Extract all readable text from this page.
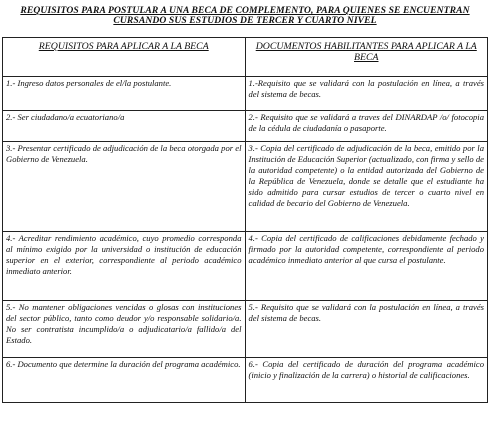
REQUISITOS PARA POSTULAR A UNA BECA DE COMPLEMENTO, PARA QUIENES SE ENCUENTRAN CURSANDO SUS ESTUDIOS DE TERCER Y CUARTO NIVEL
REQUISITOS PARA APLICAR A LA BECA	DOCUMENTOS HABILITANTES PARA APLICAR A LA BECA
1.- Ingreso datos personales de el/la postulante.	1.-Requisito que se validará con la postulación en línea, a través del sistema de becas.
2.- Ser ciudadano/a ecuatoriano/a	2.- Requisito que se validará a traves del DINARDAP /o/ fotocopia de la cédula de ciudadanía o pasaporte.
3.- Presentar certificado de adjudicación de la beca otorgada por el Gobierno de Venezuela.	3.- Copia del certificado de adjudicación de la beca, emitido por la Institución de Educación Superior (actualizado, con firma y sello de la autoridad competente) o la entidad autorizada del Gobierno de la República de Venezuela, donde se detalle que el estudiante ha sido admitido para cursar estudios de tercer o cuarto nivel en calidad de becario del Gobierno de Venezuela.
4.- Acreditar rendimiento académico, cuyo promedio corresponda al mínimo exigido por la universidad o institución de educación superior en el exterior, correspondiente al periodo académico inmediato anterior.	4.- Copia del certificado de calificaciones debidamente fechado y firmado por la autoridad competente, correspondiente al periodo académico inmediato anterior al que cursa el postulante.
5.- No mantener obligaciones vencidas o glosas con instituciones del sector público, tanto como deudor y/o responsable solidario/a. No ser contratista incumplido/a o adjudicatario/a fallido/a del Estado.	5.- Requisito que se validará con la postulación en línea, a través del sistema de becas.
6.- Documento que determine la duración del programa académico.	6.- Copia del certificado de duración del programa académico (inicio y finalización de la carrera) o historial de calificaciones.
